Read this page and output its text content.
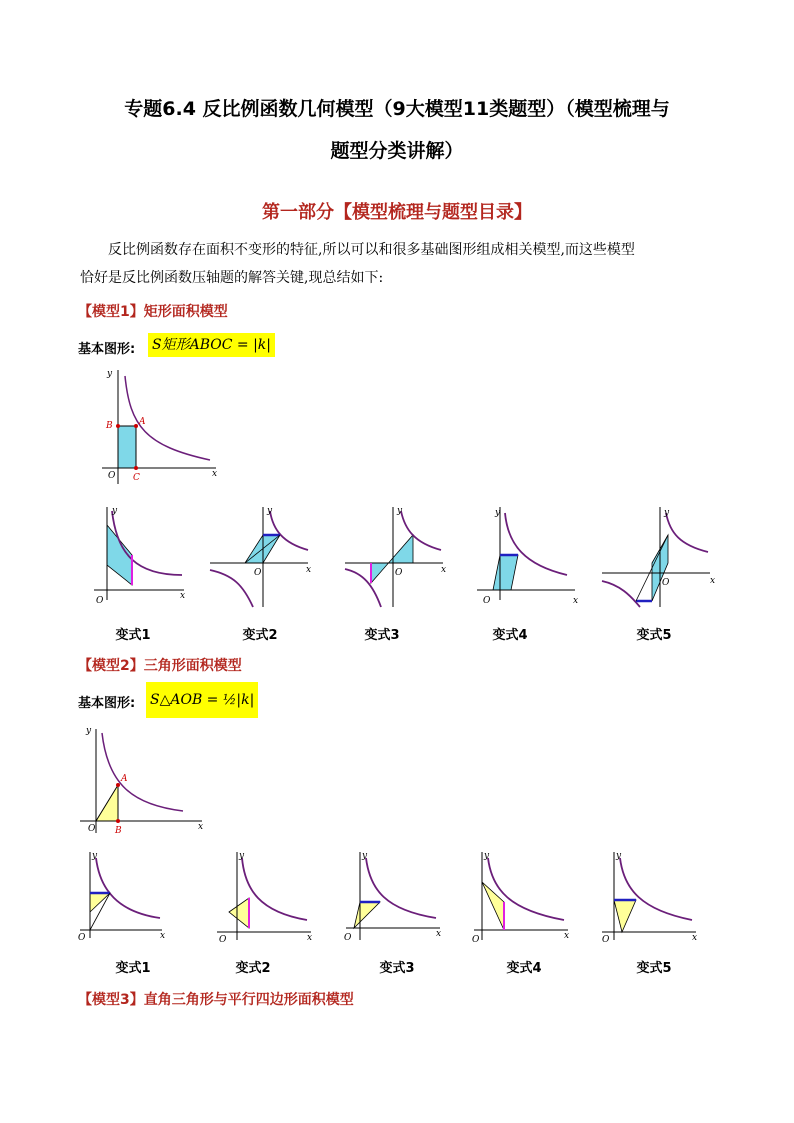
专题6.4 反比例函数几何模型（9大模型11类题型）（模型梳理与
题型分类讲解）
第一部分【模型梳理与题型目录】
反比例函数存在面积不变形的特征,所以可以和很多基础图形组成相关模型,而这些模型
恰好是反比例函数压轴题的解答关键,现总结如下:
【模型1】矩形面积模型
基本图形: S矩形ABOC = |k|
B	A
C
O	x
y
O	x
y
O	x
y
O	x
y
O	x
y
O	x
y
变式1	变式2	变式3	变式4	变式5
【模型2】三角形面积模型
基本图形: S△AOB = ½|k|
A
B
O	x
y
O	x
y
O	x
y
O	x
y
O	x
y
O	x
y
变式1	变式2	变式3	变式4	变式5
【模型3】直角三角形与平行四边形面积模型
